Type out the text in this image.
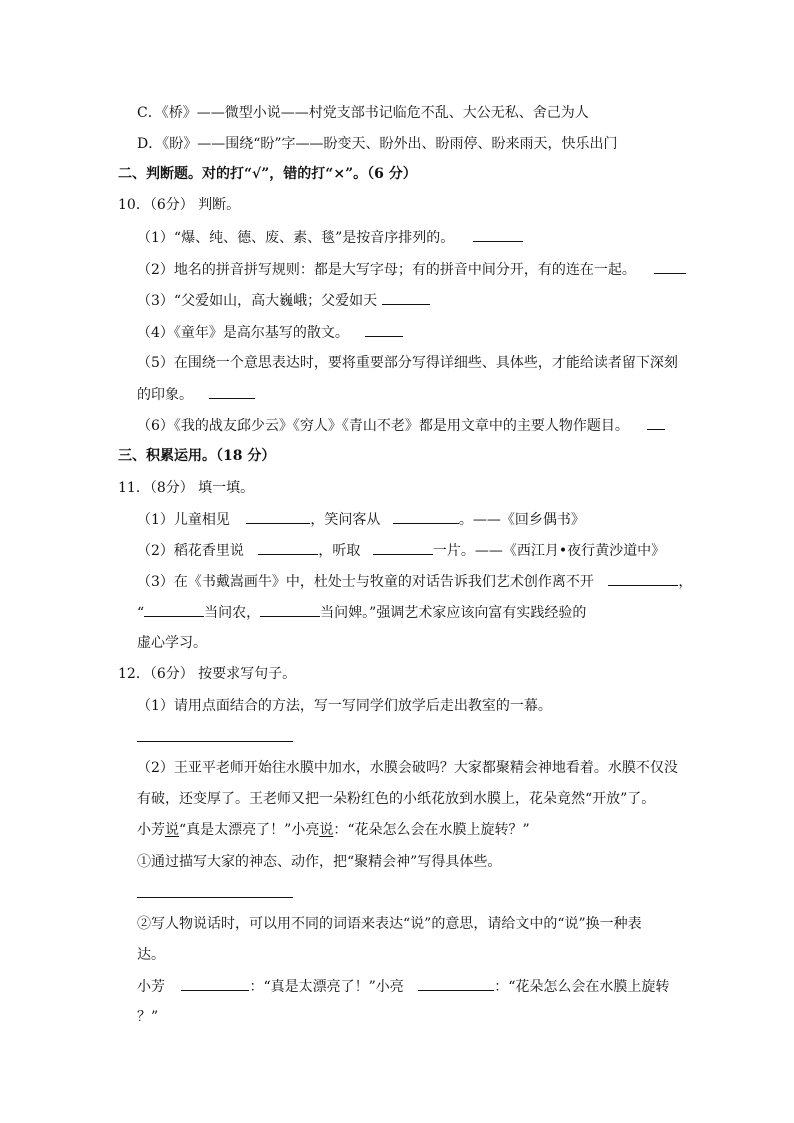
C．《桥》——微型小说——村党支部书记临危不乱、大公无私、舍己为人
D．《盼》——围绕“盼”字——盼变天、盼外出、盼雨停、盼来雨天，快乐出门
二、判断题。对的打“√”，错的打“×”。（6 分）
10．（6分） 判断。
（1）“爆、纯、德、废、素、毯”是按音序排列的。
（2）地名的拼音拼写规则：都是大写字母；有的拼音中间分开，有的连在一起。
（3）“父爱如山，高大巍峨；父爱如天
（4）《童年》是高尔基写的散文。
（5）在围绕一个意思表达时，要将重要部分写得详细些、具体些，才能给读者留下深刻
的印象。
（6）《我的战友邱少云》《穷人》《青山不老》都是用文章中的主要人物作题目。
三、积累运用。（18 分）
11．（8分） 填一填。
（1）儿童相见	，笑问客从	。——《回乡偶书》
（2）稻花香里说	，听取	一片。——《西江月•夜行黄沙道中》
（3）在《书戴嵩画牛》中，杜处士与牧童的对话告诉我们艺术创作离不开	，
“	当问农，	当问婢。”强调艺术家应该向富有实践经验的
虚心学习。
12．（6分） 按要求写句子。
（1）请用点面结合的方法，写一写同学们放学后走出教室的一幕。
（2）王亚平老师开始往水膜中加水，水膜会破吗？大家都聚精会神地看着。水膜不仅没
有破，还变厚了。王老师又把一朵粉红色的小纸花放到水膜上，花朵竟然“开放”了。
小芳说“真是太漂亮了！”小亮说：“花朵怎么会在水膜上旋转？”
①通过描写大家的神态、动作，把“聚精会神”写得具体些。
②写人物说话时，可以用不同的词语来表达“说”的意思，请给文中的“说”换一种表
达。
小芳	：“真是太漂亮了！”小亮	：“花朵怎么会在水膜上旋转
？”
